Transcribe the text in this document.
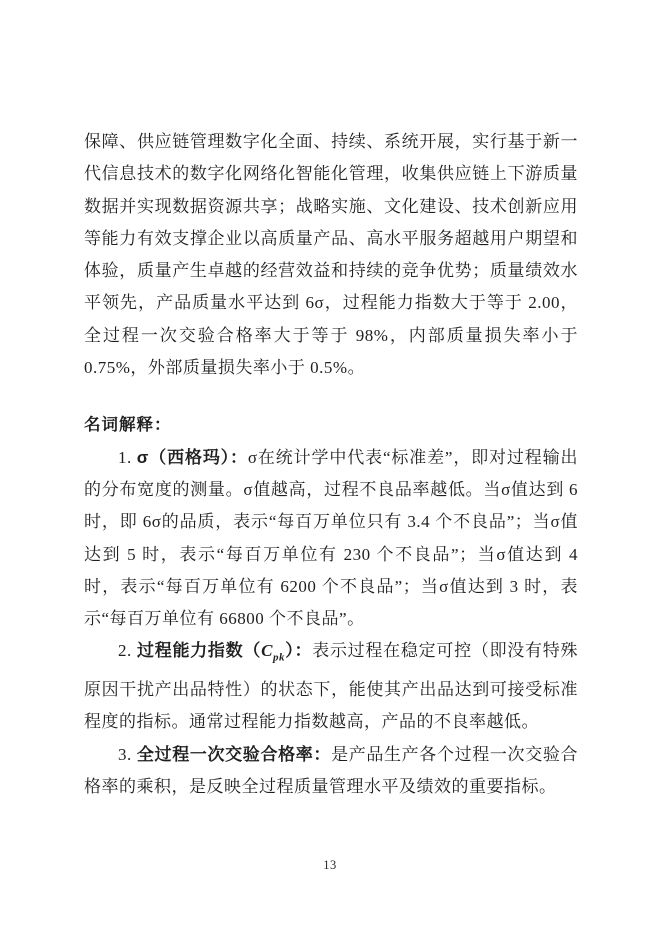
保障、供应链管理数字化全面、持续、系统开展，实行基于新一代信息技术的数字化网络化智能化管理，收集供应链上下游质量数据并实现数据资源共享；战略实施、文化建设、技术创新应用等能力有效支撑企业以高质量产品、高水平服务超越用户期望和体验，质量产生卓越的经营效益和持续的竞争优势；质量绩效水平领先，产品质量水平达到 6σ，过程能力指数大于等于 2.00，全过程一次交验合格率大于等于 98%，内部质量损失率小于 0.75%，外部质量损失率小于 0.5%。

名词解释：

1. σ（西格玛）：σ在统计学中代表“标准差”，即对过程输出的分布宽度的测量。σ值越高，过程不良品率越低。当σ值达到 6 时，即 6σ的品质，表示“每百万单位只有 3.4 个不良品”；当σ值达到 5 时，表示“每百万单位有 230 个不良品”；当σ值达到 4 时，表示“每百万单位有 6200 个不良品”；当σ值达到 3 时，表示“每百万单位有 66800 个不良品”。

2. 过程能力指数$(C_{pk})$：表示过程在稳定可控（即没有特殊原因干扰产出品特性）的状态下，能使其产出品达到可接受标准程度的指标。通常过程能力指数越高，产品的不良率越低。

3. 全过程一次交验合格率：是产品生产各个过程一次交验合格率的乘积，是反映全过程质量管理水平及绩效的重要指标。

13
